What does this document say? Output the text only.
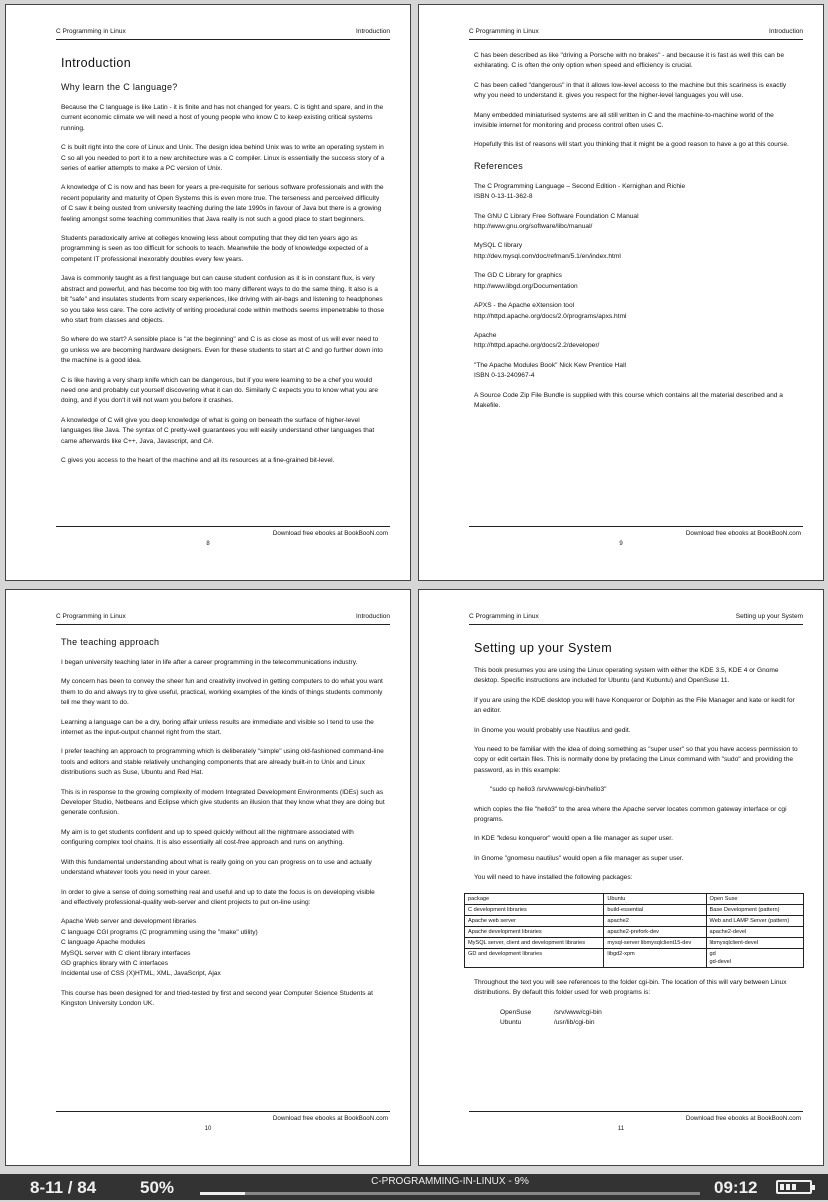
C Programming in Linux	Introduction
Introduction
Why learn the C language?

Because the C language is like Latin - it is finite and has not changed for years. C is tight and spare, and in the current economic climate we will need a host of young people who know C to keep existing critical systems running.

C is built right into the core of Linux and Unix. The design idea behind Unix was to write an operating system in C so all you needed to port it to a new architecture was a C compiler. Linux is essentially the success story of a series of earlier attempts to make a PC version of Unix.

A knowledge of C is now and has been for years a pre-requisite for serious software professionals and with the recent popularity and maturity of Open Systems this is even more true. The terseness and perceived difficulty of C saw it being ousted from university teaching during the late 1990s in favour of Java but there is a growing feeling amongst some teaching communities that Java really is not such a good place to start beginners.

Students paradoxically arrive at colleges knowing less about computing that they did ten years ago as programming is seen as too difficult for schools to teach. Meanwhile the body of knowledge expected of a competent IT professional inexorably doubles every few years.

Java is commonly taught as a first language but can cause student confusion as it is in constant flux, is very abstract and powerful, and has become too big with too many different ways to do the same thing. It also is a bit "safe" and insulates students from scary experiences, like driving with air-bags and listening to headphones so you take less care. The core activity of writing procedural code within methods seems impenetrable to those who start from classes and objects.

So where do we start? A sensible place is "at the beginning" and C is as close as most of us will ever need to go unless we are becoming hardware designers. Even for these students to start at C and go further down into the machine is a good idea.

C is like having a very sharp knife which can be dangerous, but if you were learning to be a chef you would need one and probably cut yourself discovering what it can do. Similarly C expects you to know what you are doing, and if you don't it will not warn you before it crashes.

A knowledge of C will give you deep knowledge of what is going on beneath the surface of higher-level languages like Java. The syntax of C pretty-well guarantees you will easily understand other languages that came afterwards like C++, Java, Javascript, and C#.

C gives you access to the heart of the machine and all its resources at a fine-grained bit-level.

Download free ebooks at BookBooN.com
8
C Programming in Linux	Introduction

C has been described as like "driving a Porsche with no brakes" - and because it is fast as well this can be exhilarating. C is often the only option when speed and efficiency is crucial.

C has been called "dangerous" in that it allows low-level access to the machine but this scariness is exactly why you need to understand it. gives you respect for the higher-level languages you will use.

Many embedded miniaturised systems are all still written in C and the machine-to-machine world of the invisible internet for monitoring and process control often uses C.

Hopefully this list of reasons will start you thinking that it might be a good reason to have a go at this course.

References
The C Programming Language – Second Edition - Kernighan and Richie
ISBN 0-13-11-362-8
The GNU C Library Free Software Foundation C Manual
http://www.gnu.org/software/libc/manual/
MySQL C library
http://dev.mysql.com/doc/refman/5.1/en/index.html
The GD C Library for graphics
http://www.libgd.org/Documentation
APXS - the Apache eXtension tool
http://httpd.apache.org/docs/2.0/programs/apxs.html
Apache
http://httpd.apache.org/docs/2.2/developer/
"The Apache Modules Book" Nick Kew Prentice Hall
ISBN 0-13-240967-4
A Source Code Zip File Bundle is supplied with this course which contains all the material described and a Makefile.
Download free ebooks at BookBooN.com
9
C Programming in Linux	Introduction
The teaching approach

I began university teaching later in life after a career programming in the telecommunications industry.

My concern has been to convey the sheer fun and creativity involved in getting computers to do what you want them to do and always try to give useful, practical, working examples of the kinds of things students commonly tell me they want to do.

Learning a language can be a dry, boring affair unless results are immediate and visible so I tend to use the internet as the input-output channel right from the start.

I prefer teaching an approach to programming which is deliberately "simple" using old-fashioned command-line tools and editors and stable relatively unchanging components that are already built-in to Unix and Linux distributions such as Suse, Ubuntu and Red Hat.

This is in response to the growing complexity of modern Integrated Development Environments (IDEs) such as Developer Studio, Netbeans and Eclipse which give students an illusion that they know what they are doing but generate confusion.

My aim is to get students confident and up to speed quickly without all the nightmare associated with configuring complex tool chains. It is also essentially all cost-free approach and runs on anything.

With this fundamental understanding about what is really going on you can progress on to use and actually understand whatever tools you need in your career.

In order to give a sense of doing something real and useful and up to date the focus is on developing visible and effectively professional-quality web-server and client projects to put on-line using:

Apache Web server and development libraries
C language CGI programs (C programming using the "make" utility)
C language Apache modules
MySQL server with C client library interfaces
GD graphics library with C interfaces
Incidental use of CSS (X)HTML, XML, JavaScript, Ajax

This course has been designed for and tried-tested by first and second year Computer Science Students at Kingston University London UK.

Download free ebooks at BookBooN.com
10
C Programming in Linux	Setting up your System
Setting up your System

This book presumes you are using the Linux operating system with either the KDE 3.5, KDE 4 or Gnome desktop. Specific instructions are included for Ubuntu (and Kubuntu) and OpenSuse 11.

If you are using the KDE desktop you will have Konqueror or Dolphin as the File Manager and kate or kedit for an editor.

In Gnome you would probably use Nautilus and gedit.

You need to be familiar with the idea of doing something as "super user" so that you have access permission to copy or edit certain files. This is normally done by prefacing the Linux command with "sudo" and providing the password, as in this example:

"sudo cp hello3 /srv/www/cgi-bin/hello3"

which copies the file "hello3" to the area where the Apache server locates common gateway interface or cgi programs.

In KDE "kdesu konqueror" would open a file manager as super user.

In Gnome "gnomesu nautilus" would open a file manager as super user.

You will need to have installed the following packages:

package	Ubuntu	Open Suse
C development libraries	build-essential	Base Development (pattern)
Apache web server	apache2	Web and LAMP Server (pattern)
Apache development libraries	apache2-prefork-dev	apache2-devel
MySQL server, client and development libraries	mysql-server libmysqlclient15-dev	libmysqlclient-devel
GD and development libraries	libgd2-xpm	gd
gd-devel

Throughout the text you will see references to the folder cgi-bin. The location of this will vary between Linux distributions. By default this folder used for web programs is:

OpenSuse	/srv/www/cgi-bin
Ubuntu	/usr/lib/cgi-bin
Download free ebooks at BookBooN.com
11
8-11 / 84	50%	C-PROGRAMMING-IN-LINUX - 9%	09:12
